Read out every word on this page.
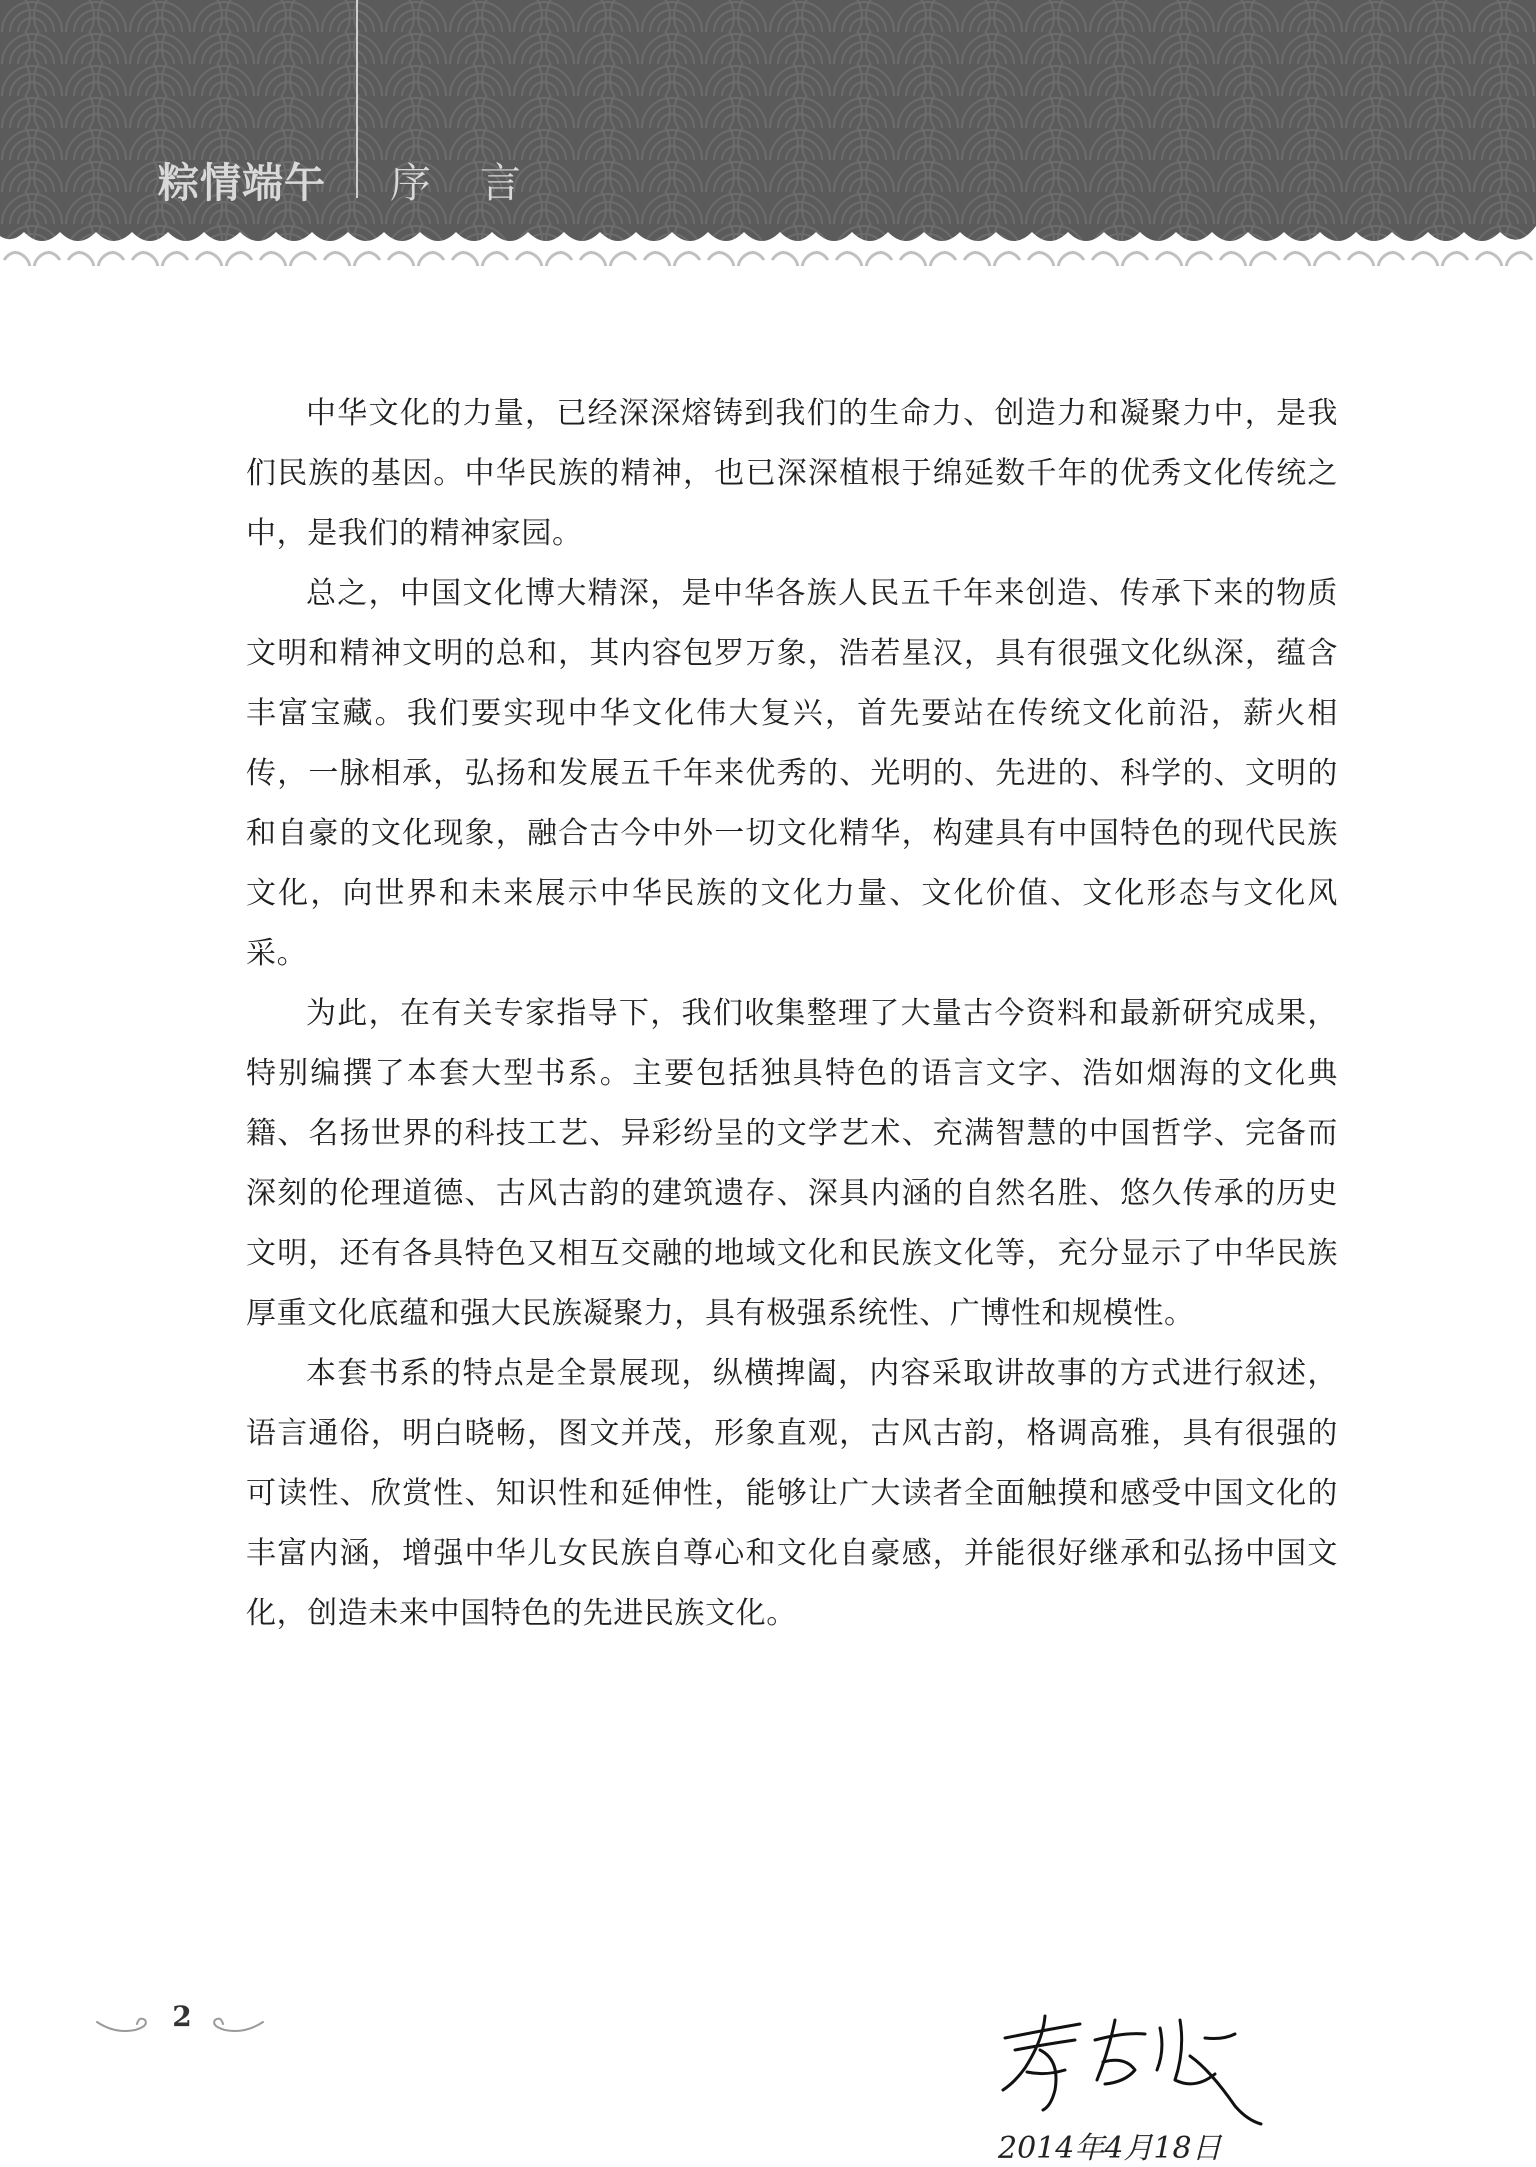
粽情端午 序 言

中华文化的力量，已经深深熔铸到我们的生命力、创造力和凝聚力中，是我们民族的基因。中华民族的精神，也已深深植根于绵延数千年的优秀文化传统之中，是我们的精神家园。

总之，中国文化博大精深，是中华各族人民五千年来创造、传承下来的物质文明和精神文明的总和，其内容包罗万象，浩若星汉，具有很强文化纵深，蕴含丰富宝藏。我们要实现中华文化伟大复兴，首先要站在传统文化前沿，薪火相传，一脉相承，弘扬和发展五千年来优秀的、光明的、先进的、科学的、文明的和自豪的文化现象，融合古今中外一切文化精华，构建具有中国特色的现代民族文化，向世界和未来展示中华民族的文化力量、文化价值、文化形态与文化风采。

为此，在有关专家指导下，我们收集整理了大量古今资料和最新研究成果，特别编撰了本套大型书系。主要包括独具特色的语言文字、浩如烟海的文化典籍、名扬世界的科技工艺、异彩纷呈的文学艺术、充满智慧的中国哲学、完备而深刻的伦理道德、古风古韵的建筑遗存、深具内涵的自然名胜、悠久传承的历史文明，还有各具特色又相互交融的地域文化和民族文化等，充分显示了中华民族厚重文化底蕴和强大民族凝聚力，具有极强系统性、广博性和规模性。

本套书系的特点是全景展现，纵横捭阖，内容采取讲故事的方式进行叙述，语言通俗，明白晓畅，图文并茂，形象直观，古风古韵，格调高雅，具有很强的可读性、欣赏性、知识性和延伸性，能够让广大读者全面触摸和感受中国文化的丰富内涵，增强中华儿女民族自尊心和文化自豪感，并能很好继承和弘扬中国文化，创造未来中国特色的先进民族文化。

2014年4月18日
2
